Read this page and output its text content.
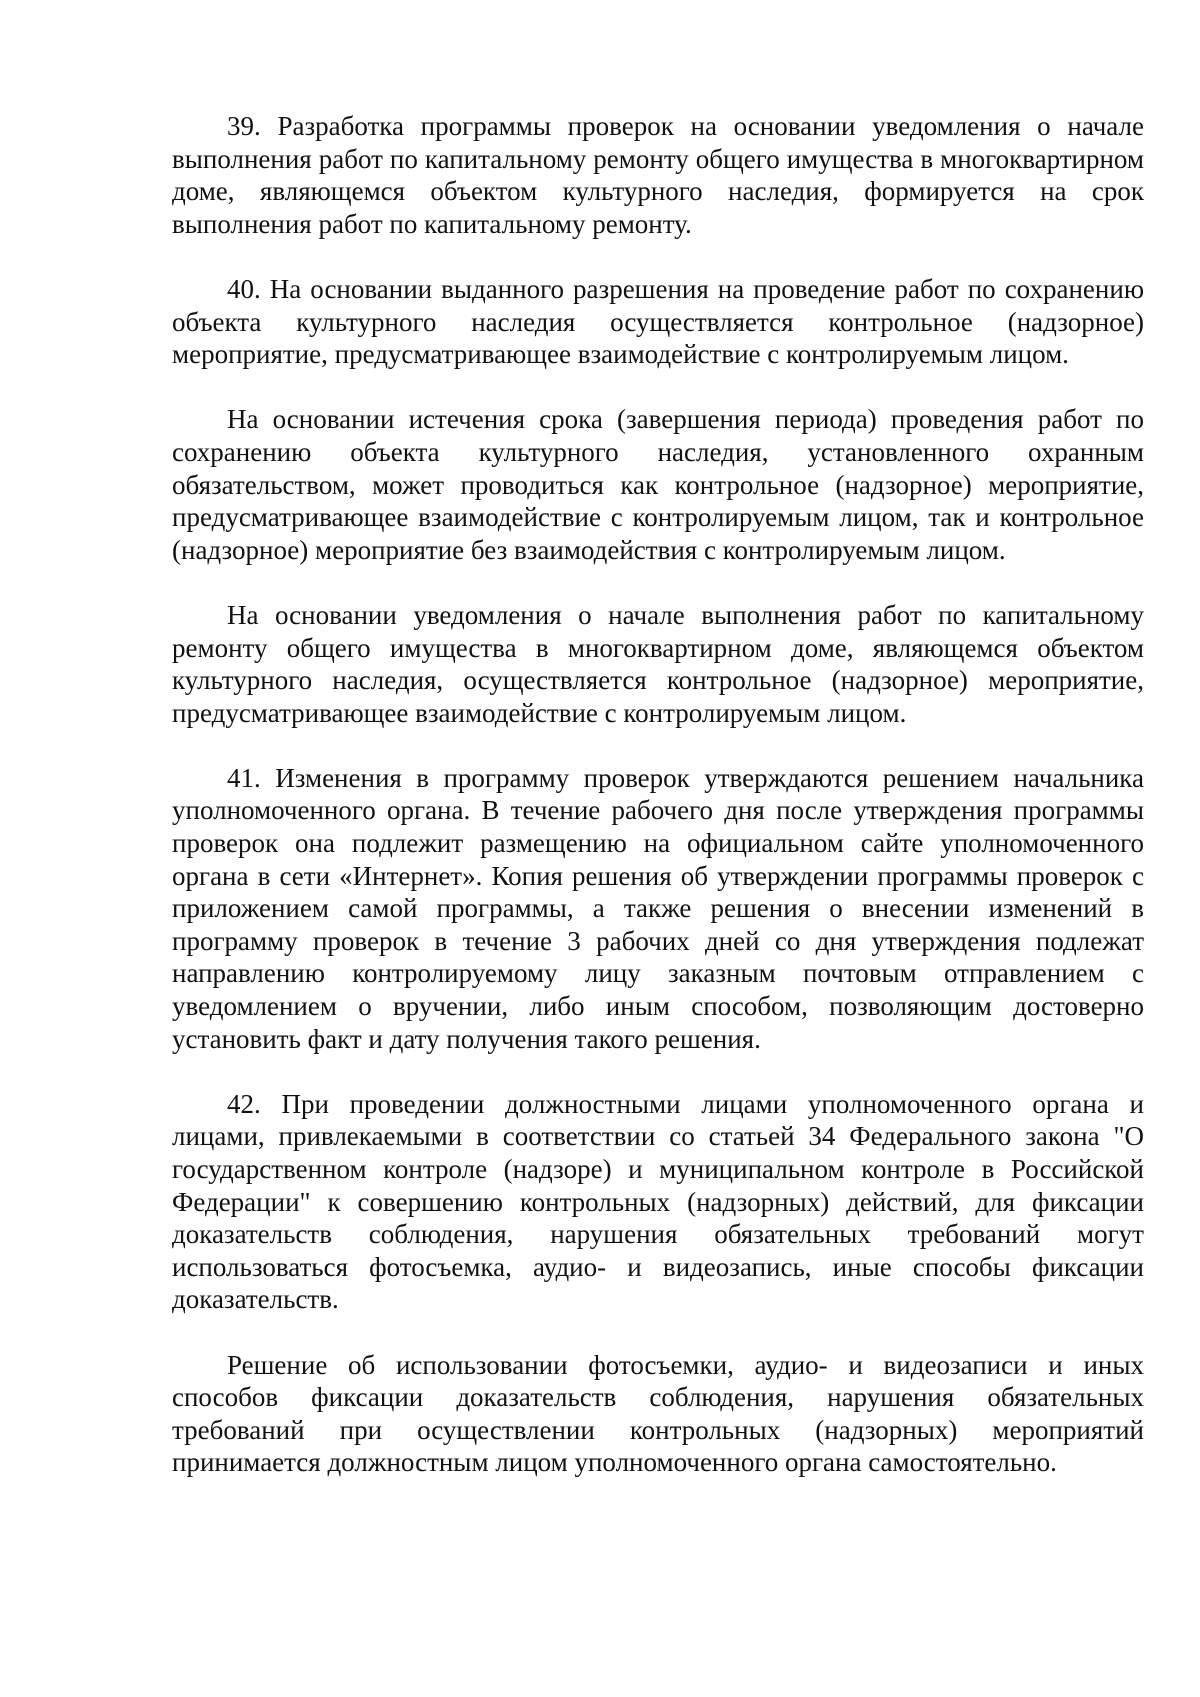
39. Разработка программы проверок на основании уведомления о начале выполнения работ по капитальному ремонту общего имущества в многоквартирном доме, являющемся объектом культурного наследия, формируется на срок выполнения работ по капитальному ремонту.

40. На основании выданного разрешения на проведение работ по сохранению объекта культурного наследия осуществляется контрольное (надзорное) мероприятие, предусматривающее взаимодействие с контролируемым лицом.

На основании истечения срока (завершения периода) проведения работ по сохранению объекта культурного наследия, установленного охранным обязательством, может проводиться как контрольное (надзорное) мероприятие, предусматривающее взаимодействие с контролируемым лицом, так и контрольное (надзорное) мероприятие без взаимодействия с контролируемым лицом.

На основании уведомления о начале выполнения работ по капитальному ремонту общего имущества в многоквартирном доме, являющемся объектом культурного наследия, осуществляется контрольное (надзорное) мероприятие, предусматривающее взаимодействие с контролируемым лицом.

41. Изменения в программу проверок утверждаются решением начальника уполномоченного органа. В течение рабочего дня после утверждения программы проверок она подлежит размещению на официальном сайте уполномоченного органа в сети «Интернет». Копия решения об утверждении программы проверок с приложением самой программы, а также решения о внесении изменений в программу проверок в течение 3 рабочих дней со дня утверждения подлежат направлению контролируемому лицу заказным почтовым отправлением с уведомлением о вручении, либо иным способом, позволяющим достоверно установить факт и дату получения такого решения.

42. При проведении должностными лицами уполномоченного органа и лицами, привлекаемыми в соответствии со статьей 34 Федерального закона "О государственном контроле (надзоре) и муниципальном контроле в Российской Федерации" к совершению контрольных (надзорных) действий, для фиксации доказательств соблюдения, нарушения обязательных требований могут использоваться фотосъемка, аудио- и видеозапись, иные способы фиксации доказательств.

Решение об использовании фотосъемки, аудио- и видеозаписи и иных способов фиксации доказательств соблюдения, нарушения обязательных требований при осуществлении контрольных (надзорных) мероприятий принимается должностным лицом уполномоченного органа самостоятельно.
